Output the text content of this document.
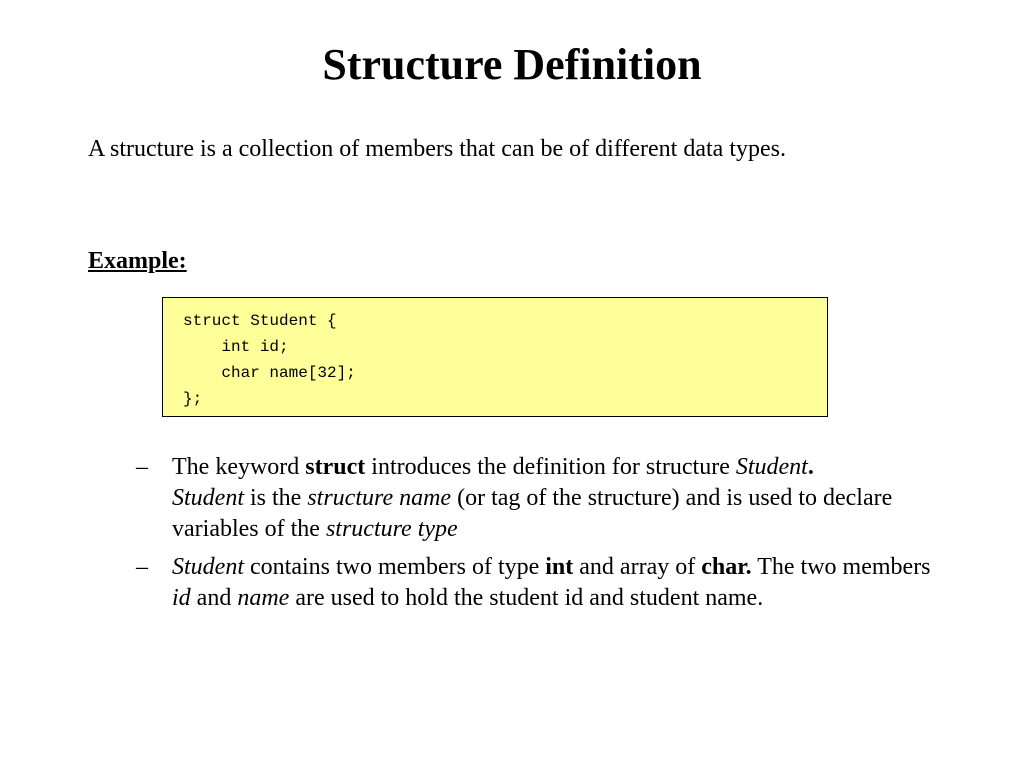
Structure Definition

A structure is a collection of members that can be of different data types.

Example:

struct Student {
int id;
char name[32];
};
– The keyword struct introduces the definition for structure Student.
Student is the structure name (or tag of the structure) and is used to declare variables of the structure type
– Student contains two members of type int and array of char. The two members id and name are used to hold the student id and student name.
